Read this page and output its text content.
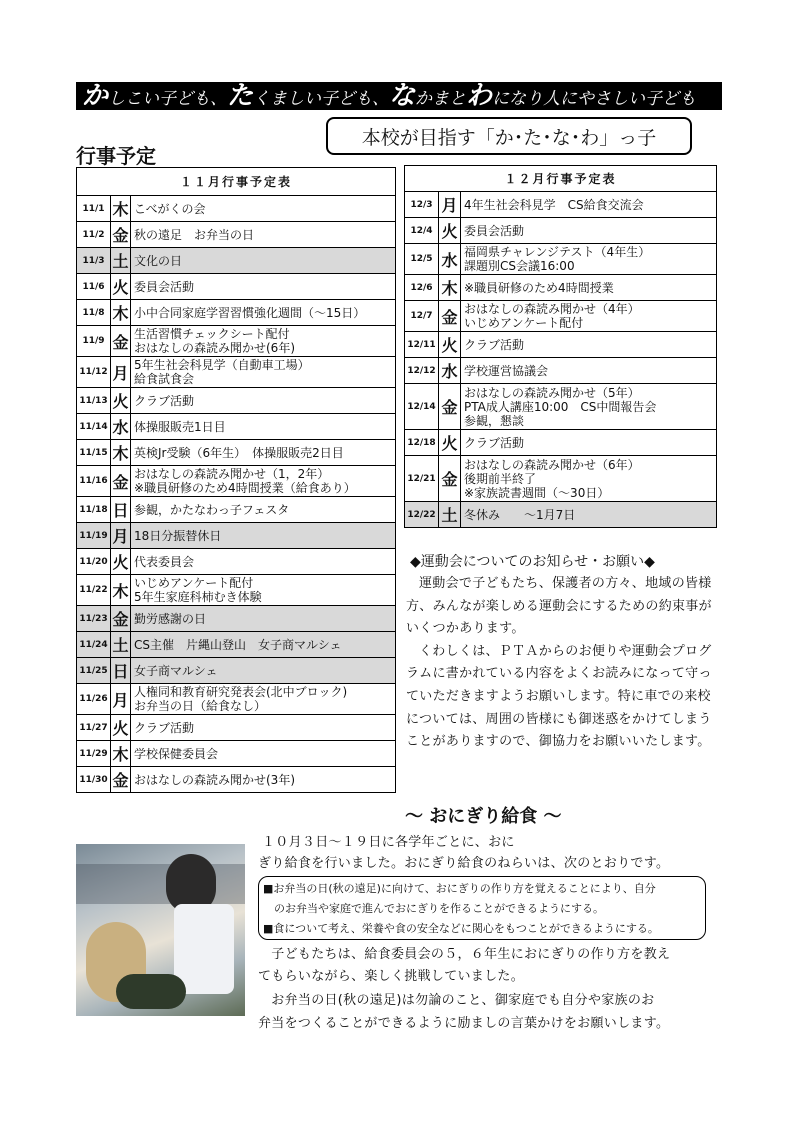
かしこい子ども、たくましい子ども、なかまとわになり人にやさしい子ども
本校が目指す「か･た･な･わ」っ子
行事予定
１１月行事予定表		
11/1	木	こべがくの会

11/2	金	秋の遠足　お弁当の日

11/3	土	文化の日

11/6	火	委員会活動

11/8	木	小中合同家庭学習習慣強化週間（～15日）

11/9	金	生活習慣チェックシート配付
おはなしの森読み聞かせ(6年)

11/12	月	5年生社会科見学（自動車工場）
給食試食会

11/13	火	クラブ活動

11/14	水	体操服販売1日目

11/15	木	英検Jr受験（6年生）　体操服販売2日目

11/16	金	おはなしの森読み聞かせ（1，2年）
※職員研修のため4時間授業（給食あり）

11/18	日	参観，かたなわっ子フェスタ

11/19	月	18日分振替休日

11/20	火	代表委員会

11/22	木	いじめアンケート配付
5年生家庭科柿むき体験

11/23	金	勤労感謝の日

11/24	土	CS主催　片縄山登山　女子商マルシェ

11/25	日	女子商マルシェ

11/26	月	人権同和教育研究発表会(北中ブロック)
お弁当の日（給食なし）

11/27	火	クラブ活動

11/29	木	学校保健委員会

11/30	金	おはなしの森読み聞かせ(3年)
１２月行事予定表		
12/3	月	4年生社会科見学　CS給食交流会

12/4	火	委員会活動

12/5	水	福岡県チャレンジテスト（4年生）
課題別CS会議16:00

12/6	木	※職員研修のため4時間授業

12/7	金	おはなしの森読み聞かせ（4年）
いじめアンケート配付

12/11	火	クラブ活動

12/12	水	学校運営協議会

12/14	金	おはなしの森読み聞かせ（5年）
PTA成人講座10:00　CS中間報告会
参観，懇談

12/18	火	クラブ活動

12/21	金	おはなしの森読み聞かせ（6年）
後期前半終了
※家族読書週間（～30日）

12/22	土	冬休み　　～1月7日
◆運動会についてのお知らせ・お願い◆

運動会で子どもたち、保護者の方々、地域の皆様方、みんなが楽しめる運動会にするための約束事がいくつかあります。

くわしくは、ＰＴＡからのお便りや運動会プログラムに書かれている内容をよくお読みになって守っていただきますようお願いします。特に車での来校については、周囲の皆様にも御迷惑をかけてしまうことがありますので、御協力をお願いいたします。

～ おにぎり給食 ～
１０月３日～１９日に各学年ごとに、おに
ぎり給食を行いました。おにぎり給食のねらいは、次のとおりです。
■お弁当の日(秋の遠足)に向けて、おにぎりの作り方を覚えることにより、自分
　のお弁当や家庭で進んでおにぎりを作ることができるようにする。
■食について考え、栄養や食の安全などに関心をもつことができるようにする。
　子どもたちは、給食委員会の５，６年生におにぎりの作り方を教え
てもらいながら、楽しく挑戦していました。
　お弁当の日(秋の遠足)は勿論のこと、御家庭でも自分や家族のお
弁当をつくることができるように励ましの言葉かけをお願いします。
